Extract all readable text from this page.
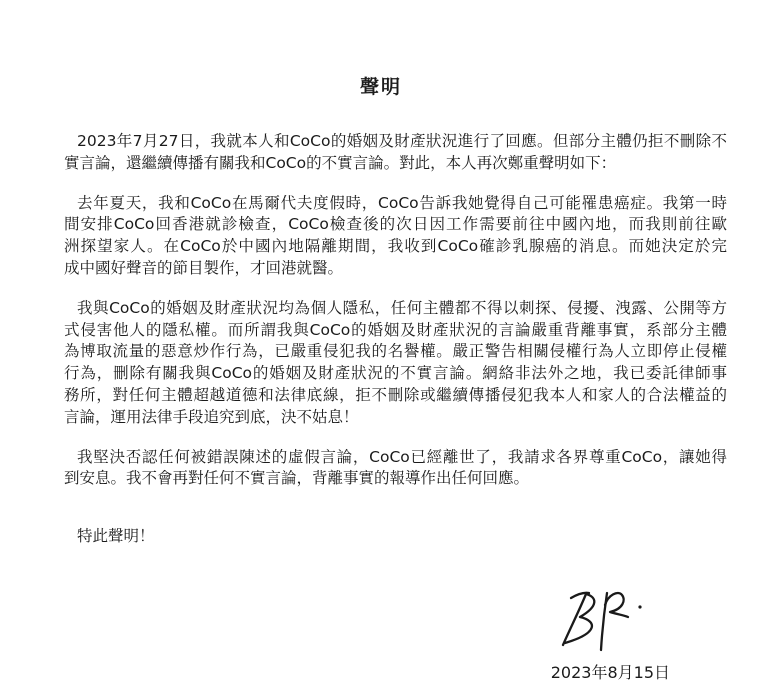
聲明
2023年7月27日，我就本人和CoCo的婚姻及財產狀況進行了回應。但部分主體仍拒不刪除不
實言論，還繼續傳播有關我和CoCo的不實言論。對此，本人再次鄭重聲明如下：
去年夏天，我和CoCo在馬爾代夫度假時，CoCo告訴我她覺得自己可能罹患癌症。我第一時
間安排CoCo回香港就診檢查，CoCo檢查後的次日因工作需要前往中國內地，而我則前往歐
洲探望家人。在CoCo於中國內地隔離期間，我收到CoCo確診乳腺癌的消息。而她決定於完
成中國好聲音的節目製作，才回港就醫。
我與CoCo的婚姻及財產狀況均為個人隱私，任何主體都不得以刺探、侵擾、洩露、公開等方
式侵害他人的隱私權。而所謂我與CoCo的婚姻及財產狀況的言論嚴重背離事實，系部分主體
為博取流量的惡意炒作行為，已嚴重侵犯我的名譽權。嚴正警告相關侵權行為人立即停止侵權
行為，刪除有關我與CoCo的婚姻及財產狀況的不實言論。網絡非法外之地，我已委託律師事
務所，對任何主體超越道德和法律底線，拒不刪除或繼續傳播侵犯我本人和家人的合法權益的
言論，運用法律手段追究到底，決不姑息！
我堅決否認任何被錯誤陳述的虛假言論，CoCo已經離世了，我請求各界尊重CoCo，讓她得
到安息。我不會再對任何不實言論，背離事實的報導作出任何回應。
特此聲明！
2023年8月15日
